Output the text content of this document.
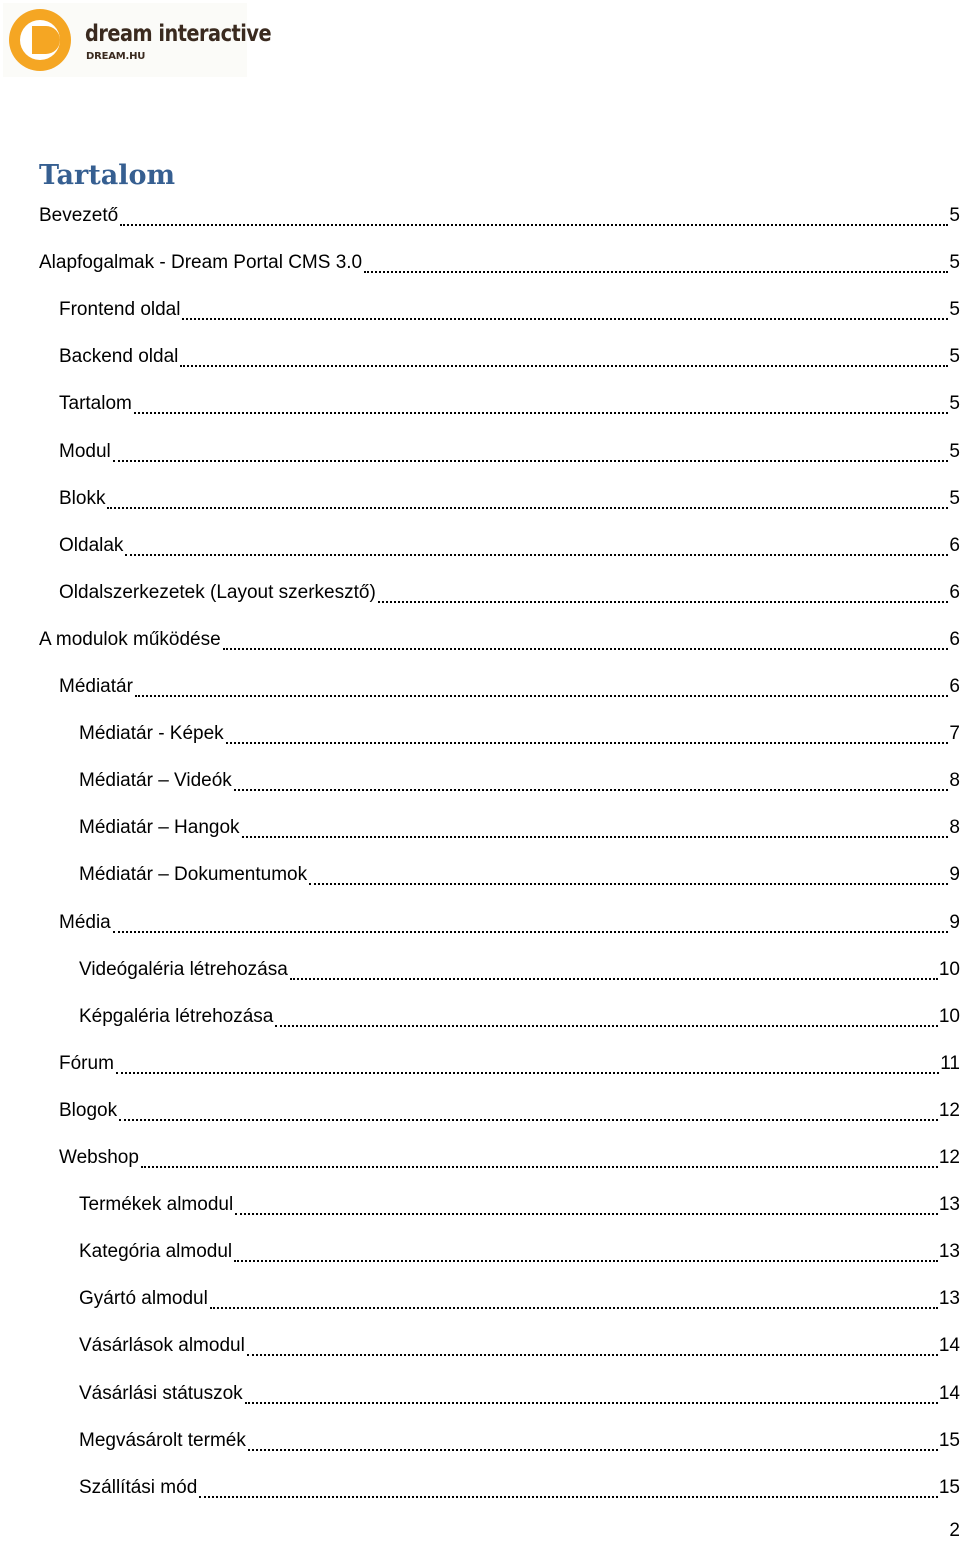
dream interactive

DREAM.HU

Tartalom
Bevezető	5
Alapfogalmak - Dream Portal CMS 3.0	5
Frontend oldal	5
Backend oldal	5
Tartalom	5
Modul	5
Blokk	5
Oldalak	6
Oldalszerkezetek (Layout szerkesztő)	6
A modulok működése	6
Médiatár	6
Médiatár - Képek	7
Médiatár – Videók	8
Médiatár – Hangok	8
Médiatár – Dokumentumok	9
Média	9
Videógaléria létrehozása	10
Képgaléria létrehozása	10
Fórum	11
Blogok	12
Webshop	12
Termékek almodul	13
Kategória almodul	13
Gyártó almodul	13
Vásárlások almodul	14
Vásárlási státuszok	14
Megvásárolt termék	15
Szállítási mód	15

2
